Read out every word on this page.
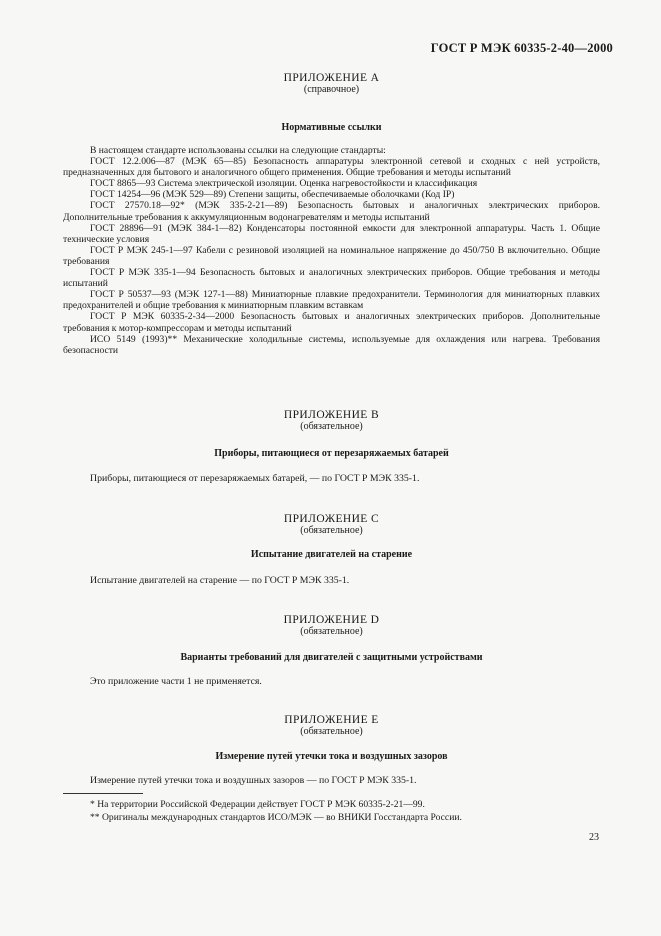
ГОСТ Р МЭК 60335-2-40—2000
ПРИЛОЖЕНИЕ А
(справочное)
Нормативные ссылки

В настоящем стандарте использованы ссылки на следующие стандарты:

ГОСТ 12.2.006—87 (МЭК 65—85) Безопасность аппаратуры электронной сетевой и сходных с ней устройств, предназначенных для бытового и аналогичного общего применения. Общие требования и методы испытаний

ГОСТ 8865—93 Система электрической изоляции. Оценка нагревостойкости и классификация

ГОСТ 14254—96 (МЭК 529—89) Степени защиты, обеспечиваемые оболочками (Код IP)

ГОСТ 27570.18—92* (МЭК 335-2-21—89) Безопасность бытовых и аналогичных электрических приборов. Дополнительные требования к аккумуляционным водонагревателям и методы испытаний

ГОСТ 28896—91 (МЭК 384-1—82) Конденсаторы постоянной емкости для электронной аппаратуры. Часть 1. Общие технические условия

ГОСТ Р МЭК 245-1—97 Кабели с резиновой изоляцией на номинальное напряжение до 450/750 В включительно. Общие требования

ГОСТ Р МЭК 335-1—94 Безопасность бытовых и аналогичных электрических приборов. Общие требования и методы испытаний

ГОСТ Р 50537—93 (МЭК 127-1—88) Миниатюрные плавкие предохранители. Терминология для миниатюрных плавких предохранителей и общие требования к миниатюрным плавким вставкам

ГОСТ Р МЭК 60335-2-34—2000 Безопасность бытовых и аналогичных электрических приборов. Дополнительные требования к мотор-компрессорам и методы испытаний

ИСО 5149 (1993)** Механические холодильные системы, используемые для охлаждения или нагрева. Требования безопасности

ПРИЛОЖЕНИЕ В
(обязательное)
Приборы, питающиеся от перезаряжаемых батарей

Приборы, питающиеся от перезаряжаемых батарей, — по ГОСТ Р МЭК 335-1.

ПРИЛОЖЕНИЕ С
(обязательное)
Испытание двигателей на старение

Испытание двигателей на старение — по ГОСТ Р МЭК 335-1.

ПРИЛОЖЕНИЕ D
(обязательное)
Варианты требований для двигателей с защитными устройствами

Это приложение части 1 не применяется.

ПРИЛОЖЕНИЕ Е
(обязательное)
Измерение путей утечки тока и воздушных зазоров

Измерение путей утечки тока и воздушных зазоров — по ГОСТ Р МЭК 335-1.

* На территории Российской Федерации действует ГОСТ Р МЭК 60335-2-21—99.
** Оригиналы международных стандартов ИСО/МЭК — во ВНИКИ Госстандарта России.
23
